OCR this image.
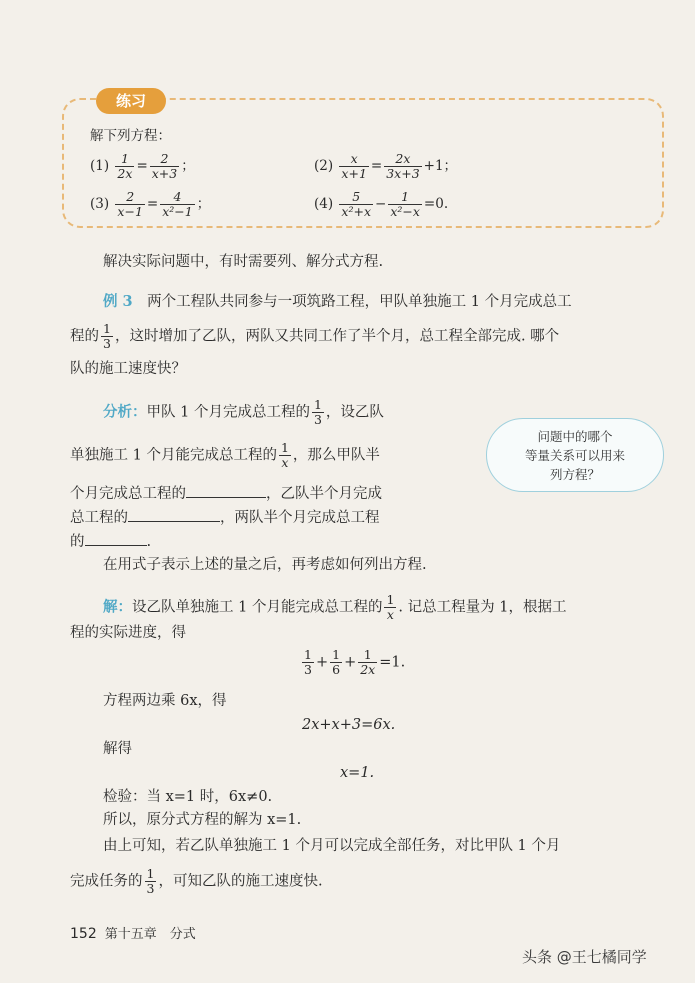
练习
解下列方程：
$(1) \frac{1}{2x} = \frac{2}{x+3}$ ；	$(2) \frac{x}{x+1} = \frac{2x}{3x+3} +1$；
$(3) \frac{2}{x-1} = \frac{4}{\text{x²−1}}$ ；	$(4) \frac{5}{\text{x²+x}} - \frac{1}{\text{x²−x}} =0$.
解决实际问题中，有时需要列、解分式方程.
例 3　 两个工程队共同参与一项筑路工程，甲队单独施工 1 个月完成总工
程的 $\frac{1}{3}$ ，这时增加了乙队，两队又共同工作了半个月，总工程全部完成. 哪个
队的施工速度快？
分析：甲队 1 个月完成总工程的 $\frac{1}{3}$ ，设乙队
单独施工 1 个月能完成总工程的 $\frac{1}{x}$ ，那么甲队半
个月完成总工程的	，乙队半个月完成
总工程的	，两队半个月完成总工程
的	.
在用式子表示上述的量之后，再考虑如何列出方程.
问题中的哪个
等量关系可以用来
列方程？
解：设乙队单独施工 1 个月能完成总工程的 $\frac{1}{x}$ . 记总工程量为 1，根据工
程的实际进度，得
$\frac{1}{3} + \frac{1}{6} + \frac{1}{2x} =1$.
方程两边乘 6x，得
2x+x+3=6x.
解得
x=1.
检验：当 x=1 时，6x≠0.
所以，原分式方程的解为 x=1.
由上可知，若乙队单独施工 1 个月可以完成全部任务，对比甲队 1 个月
完成任务的 $\frac{1}{3}$ ，可知乙队的施工速度快.
152 第十五章　分式
头条 @王七橘同学
